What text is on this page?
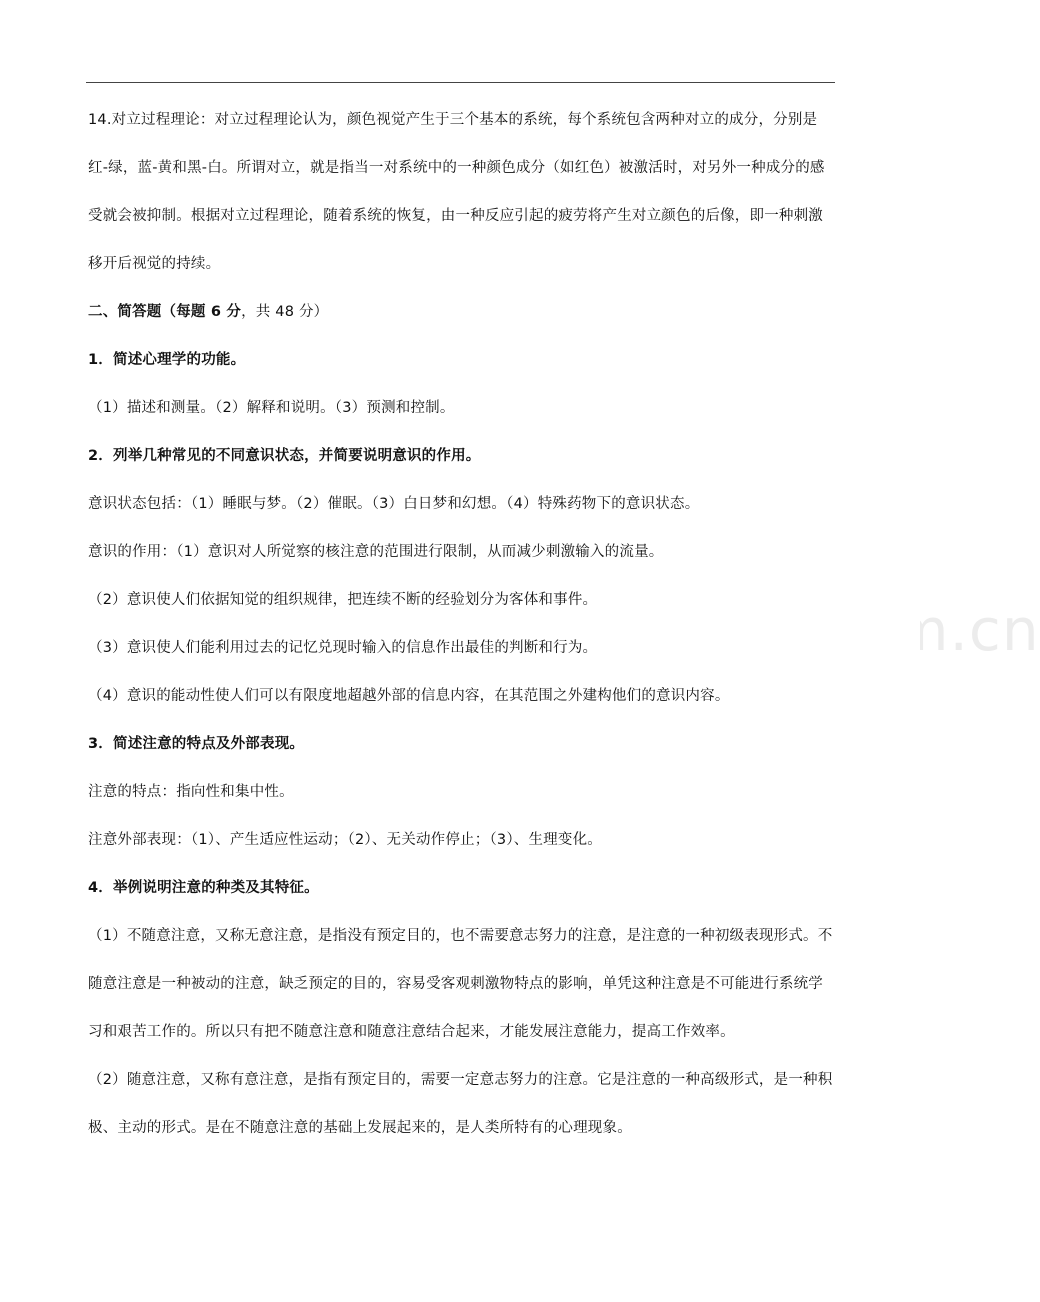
www.zixin.com.cn

14.对立过程理论：对立过程理论认为，颜色视觉产生于三个基本的系统，每个系统包含两种对立的成分，分别是红-绿，蓝-黄和黑-白。所谓对立，就是指当一对系统中的一种颜色成分（如红色）被激活时，对另外一种成分的感受就会被抑制。根据对立过程理论，随着系统的恢复，由一种反应引起的疲劳将产生对立颜色的后像，即一种刺激移开后视觉的持续。

二、简答题（每题 6 分，共 48 分）

1．简述心理学的功能。

（1）描述和测量。（2）解释和说明。（3）预测和控制。

2．列举几种常见的不同意识状态，并简要说明意识的作用。

意识状态包括：（1）睡眠与梦。（2）催眠。（3）白日梦和幻想。（4）特殊药物下的意识状态。

意识的作用：（1）意识对人所觉察的核注意的范围进行限制，从而减少刺激输入的流量。

（2）意识使人们依据知觉的组织规律，把连续不断的经验划分为客体和事件。

（3）意识使人们能利用过去的记忆兑现时输入的信息作出最佳的判断和行为。

（4）意识的能动性使人们可以有限度地超越外部的信息内容，在其范围之外建构他们的意识内容。

3．简述注意的特点及外部表现。

注意的特点：指向性和集中性。

注意外部表现：（1）、产生适应性运动；（2）、无关动作停止；（3）、生理变化。

4．举例说明注意的种类及其特征。

（1）不随意注意，又称无意注意，是指没有预定目的，也不需要意志努力的注意，是注意的一种初级表现形式。不随意注意是一种被动的注意，缺乏预定的目的，容易受客观刺激物特点的影响，单凭这种注意是不可能进行系统学习和艰苦工作的。所以只有把不随意注意和随意注意结合起来，才能发展注意能力，提高工作效率。

（2）随意注意，又称有意注意，是指有预定目的，需要一定意志努力的注意。它是注意的一种高级形式，是一种积极、主动的形式。是在不随意注意的基础上发展起来的，是人类所特有的心理现象。
